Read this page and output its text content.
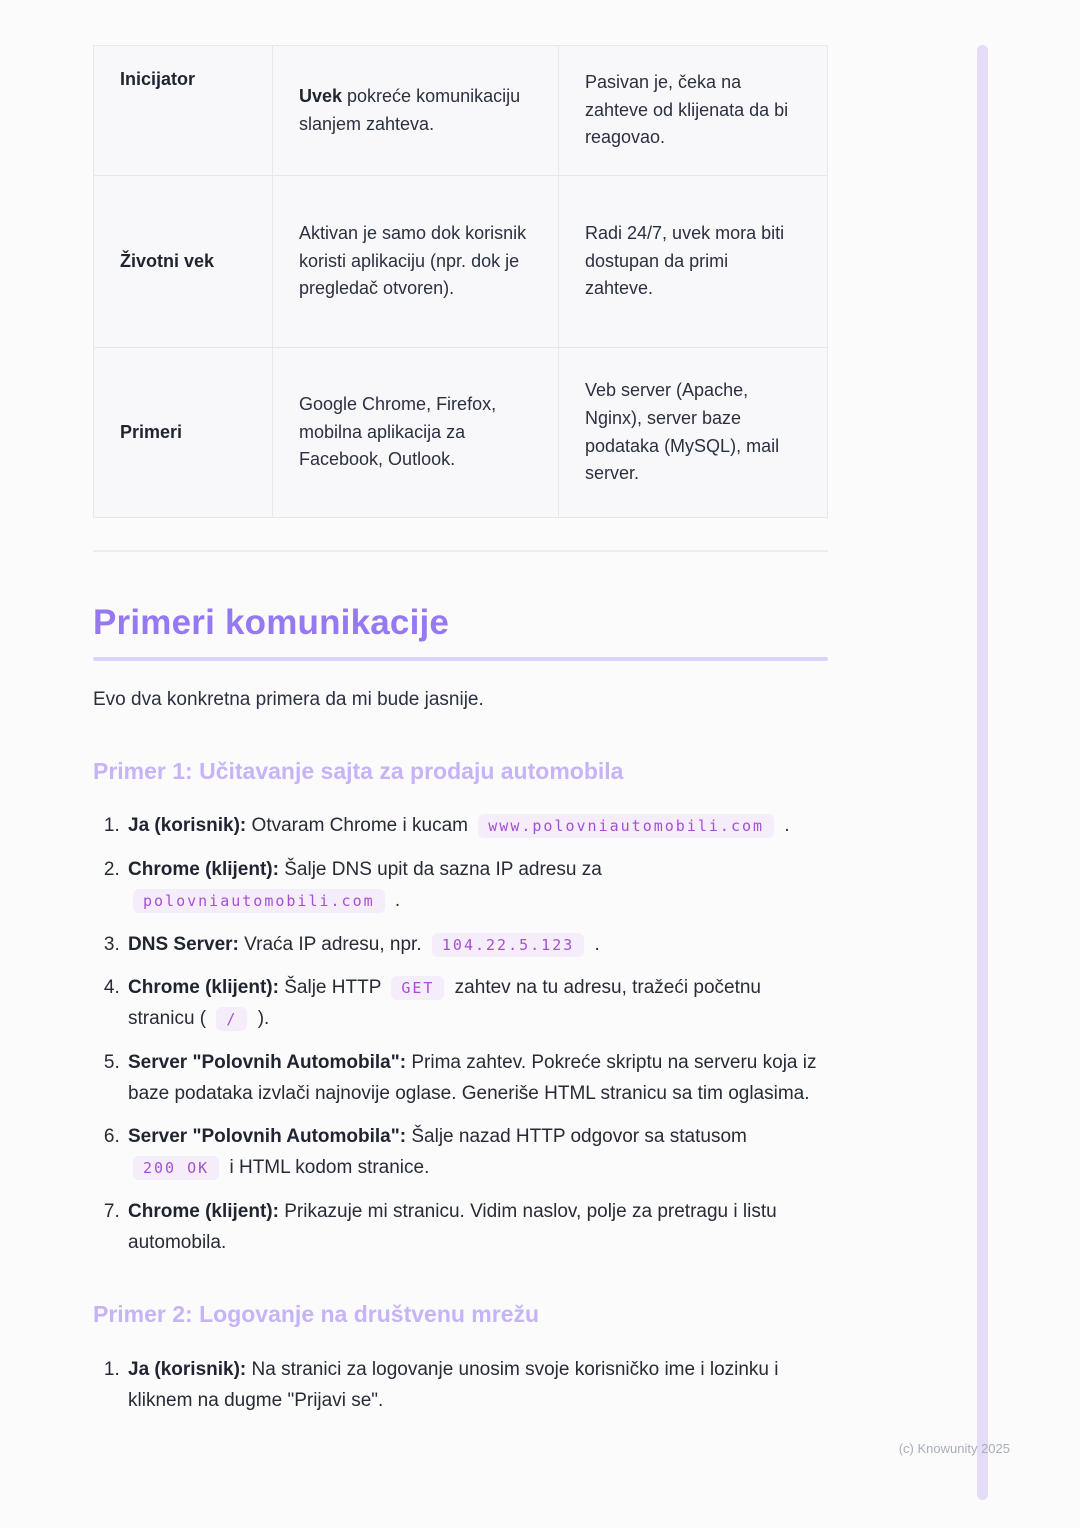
Inicijator	Uvek pokreće komunikaciju slanjem zahteva.	Pasivan je, čeka na zahteve od klijenata da bi reagovao.
Životni vek	Aktivan je samo dok korisnik koristi aplikaciju (npr. dok je pregledač otvoren).	Radi 24/7, uvek mora biti dostupan da primi zahteve.
Primeri	Google Chrome, Firefox, mobilna aplikacija za Facebook, Outlook.	Veb server (Apache, Nginx), server baze podataka (MySQL), mail server.
Primeri komunikacije

Evo dva konkretna primera da mi bude jasnije.

Primer 1: Učitavanje sajta za prodaju automobila
1. Ja (korisnik): Otvaram Chrome i kucam www.polovniautomobili.com .
2. Chrome (klijent): Šalje DNS upit da sazna IP adresu za polovniautomobili.com .
3. DNS Server: Vraća IP adresu, npr. 104.22.5.123 .
4. Chrome (klijent): Šalje HTTP GET zahtev na tu adresu, tražeći početnu stranicu ( / ).
5. Server "Polovnih Automobila": Prima zahtev. Pokreće skriptu na serveru koja iz baze podataka izvlači najnovije oglase. Generiše HTML stranicu sa tim oglasima.
6. Server "Polovnih Automobila": Šalje nazad HTTP odgovor sa statusom 200 OK i HTML kodom stranice.
7. Chrome (klijent): Prikazuje mi stranicu. Vidim naslov, polje za pretragu i listu automobila.
Primer 2: Logovanje na društvenu mrežu
1. Ja (korisnik): Na stranici za logovanje unosim svoje korisničko ime i lozinku i kliknem na dugme "Prijavi se".
(c) Knowunity 2025
